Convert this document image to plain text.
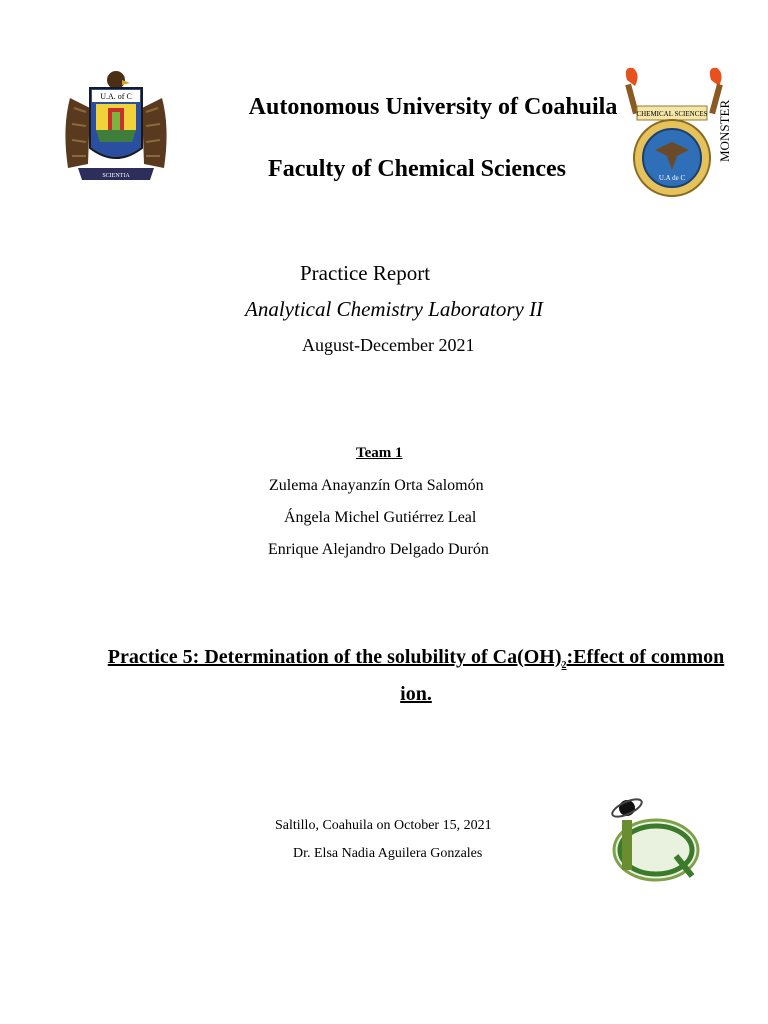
U.A. of C
SCIENTIA
CHEMICAL SCIENCES
U.A de C
MONSTER
Autonomous University of Coahuila
Faculty of Chemical Sciences
Practice Report
Analytical Chemistry Laboratory II
August-December 2021
Team 1
Zulema Anayanzín Orta Salomón
Ángela Michel Gutiérrez Leal
Enrique Alejandro Delgado Durón
Practice 5: Determination of the solubility of $Ca(OH)_2:Effect$ of common ion.
Saltillo, Coahuila on October 15, 2021
Dr. Elsa Nadia Aguilera Gonzales
